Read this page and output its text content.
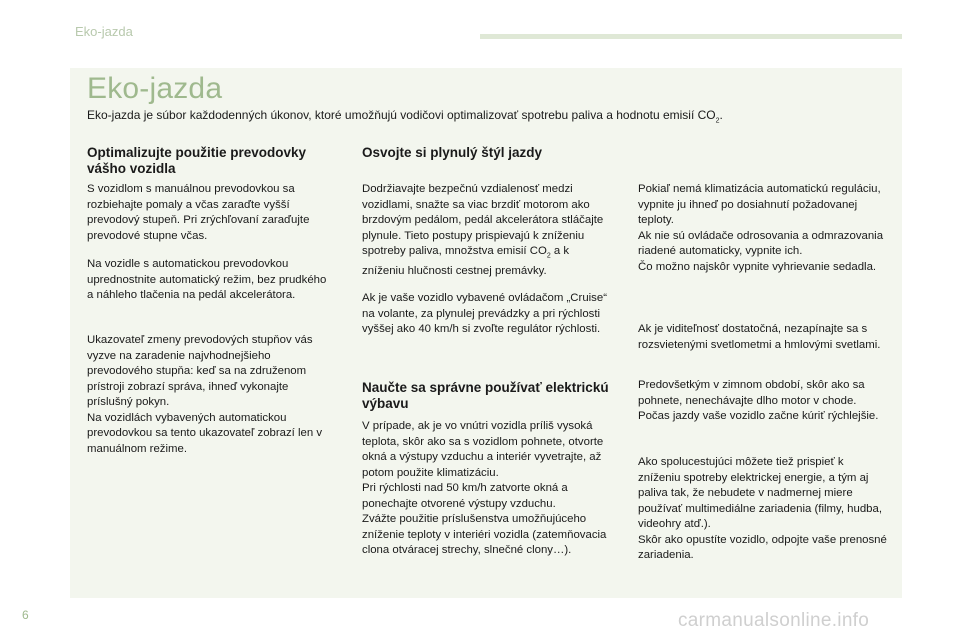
Eko-jazda
Eko-jazda

Eko-jazda je súbor každodenných úkonov, ktoré umožňujú vodičovi optimalizovať spotrebu paliva a hodnotu emisií $CO_2$.

Optimalizujte použitie prevodovky vášho vozidla

S vozidlom s manuálnou prevodovkou sa rozbiehajte pomaly a včas zaraďte vyšší prevodový stupeň. Pri zrýchľovaní zaraďujte prevodové stupne včas.

Na vozidle s automatickou prevodovkou uprednostnite automatický režim, bez prudkého a náhleho tlačenia na pedál akcelerátora.

Ukazovateľ zmeny prevodových stupňov vás vyzve na zaradenie najvhodnejšieho prevodového stupňa: keď sa na združenom prístroji zobrazí správa, ihneď vykonajte príslušný pokyn.
Na vozidlách vybavených automatickou prevodovkou sa tento ukazovateľ zobrazí len v manuálnom režime.

Osvojte si plynulý štýl jazdy

Dodržiavajte bezpečnú vzdialenosť medzi vozidlami, snažte sa viac brzdiť motorom ako brzdovým pedálom, pedál akcelerátora stláčajte plynule. Tieto postupy prispievajú k zníženiu spotreby paliva, množstva emisií $CO_2$ a k zníženiu hlučnosti cestnej premávky.

Ak je vaše vozidlo vybavené ovládačom „Cruise“ na volante, za plynulej prevádzky a pri rýchlosti vyššej ako 40 km/h si zvoľte regulátor rýchlosti.

Naučte sa správne používať elektrickú výbavu

V prípade, ak je vo vnútri vozidla príliš vysoká teplota, skôr ako sa s vozidlom pohnete, otvorte okná a výstupy vzduchu a interiér vyvetrajte, až potom použite klimatizáciu.
Pri rýchlosti nad 50 km/h zatvorte okná a ponechajte otvorené výstupy vzduchu.
Zvážte použitie príslušenstva umožňujúceho zníženie teploty v interiéri vozidla (zatemňovacia clona otváracej strechy, slnečné clony…).

Pokiaľ nemá klimatizácia automatickú reguláciu, vypnite ju ihneď po dosiahnutí požadovanej teploty.
Ak nie sú ovládače odrosovania a odmrazovania riadené automaticky, vypnite ich.
Čo možno najskôr vypnite vyhrievanie sedadla.

Ak je viditeľnosť dostatočná, nezapínajte sa s rozsvietenými svetlometmi a hmlovými svetlami.

Predovšetkým v zimnom období, skôr ako sa pohnete, nenechávajte dlho motor v chode. Počas jazdy vaše vozidlo začne kúriť rýchlejšie.

Ako spolucestujúci môžete tiež prispieť k zníženiu spotreby elektrickej energie, a tým aj paliva tak, že nebudete v nadmernej miere používať multimediálne zariadenia (filmy, hudba, videohry atď.).
Skôr ako opustíte vozidlo, odpojte vaše prenosné zariadenia.

6	carmanualsonline.info
